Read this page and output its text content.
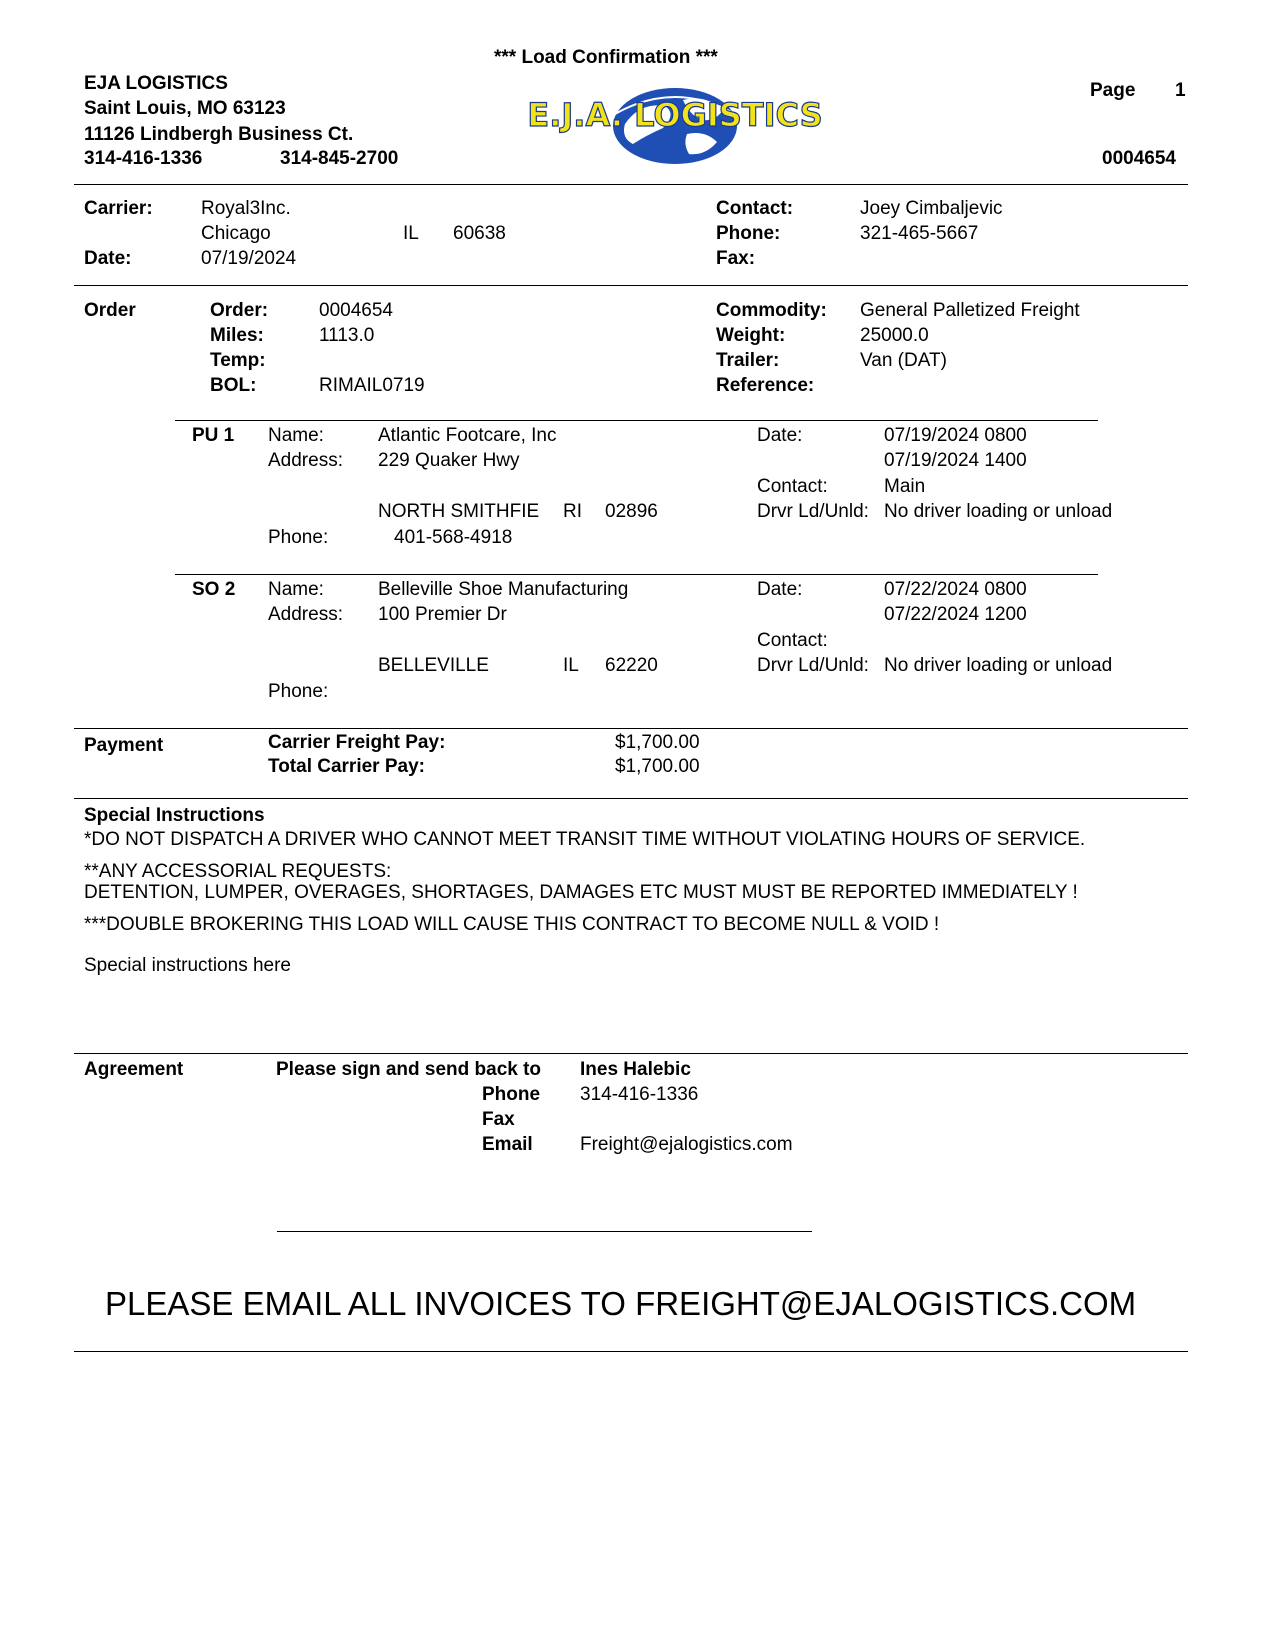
*** Load Confirmation ***
EJA LOGISTICS
Saint Louis, MO 63123
11126 Lindbergh Business Ct.
314-416-1336	314-845-2700
E.J.A. LOGISTICS
Page 1
0004654
Carrier:	Royal3Inc.
Chicago	IL 60638
Date:	07/19/2024
Contact:	Joey Cimbaljevic
Phone:	321-465-5667
Fax:
Order	Order:	0004654
Miles:	1113.0
Temp:
BOL:	RIMAIL0719
Commodity: General Palletized Freight
Weight:	25000.0
Trailer:	Van (DAT)
Reference:
PU 1 Name:	Atlantic Footcare, Inc
Address: 229 Quaker Hwy
NORTH SMITHFIE RI 02896
Phone:	401-568-4918
Date:	07/19/2024 0800
07/19/2024 1400
Contact:	Main
Drvr Ld/Unld: No driver loading or unload
SO 2 Name:	Belleville Shoe Manufacturing
Address: 100 Premier Dr
BELLEVILLE	IL 62220
Phone:
Date:	07/22/2024 0800
07/22/2024 1200
Contact:
Drvr Ld/Unld: No driver loading or unload
Payment	Carrier Freight Pay:	$1,700.00
Total Carrier Pay:	$1,700.00
Special Instructions
*DO NOT DISPATCH A DRIVER WHO CANNOT MEET TRANSIT TIME WITHOUT VIOLATING HOURS OF SERVICE.
**ANY ACCESSORIAL REQUESTS:
DETENTION, LUMPER, OVERAGES, SHORTAGES, DAMAGES ETC MUST MUST BE REPORTED IMMEDIATELY !
***DOUBLE BROKERING THIS LOAD WILL CAUSE THIS CONTRACT TO BECOME NULL & VOID !
Special instructions here
Agreement	Please sign and send back to Ines Halebic
Phone 314-416-1336
Fax
Email Freight@ejalogistics.com
PLEASE EMAIL ALL INVOICES TO FREIGHT@EJALOGISTICS.COM
